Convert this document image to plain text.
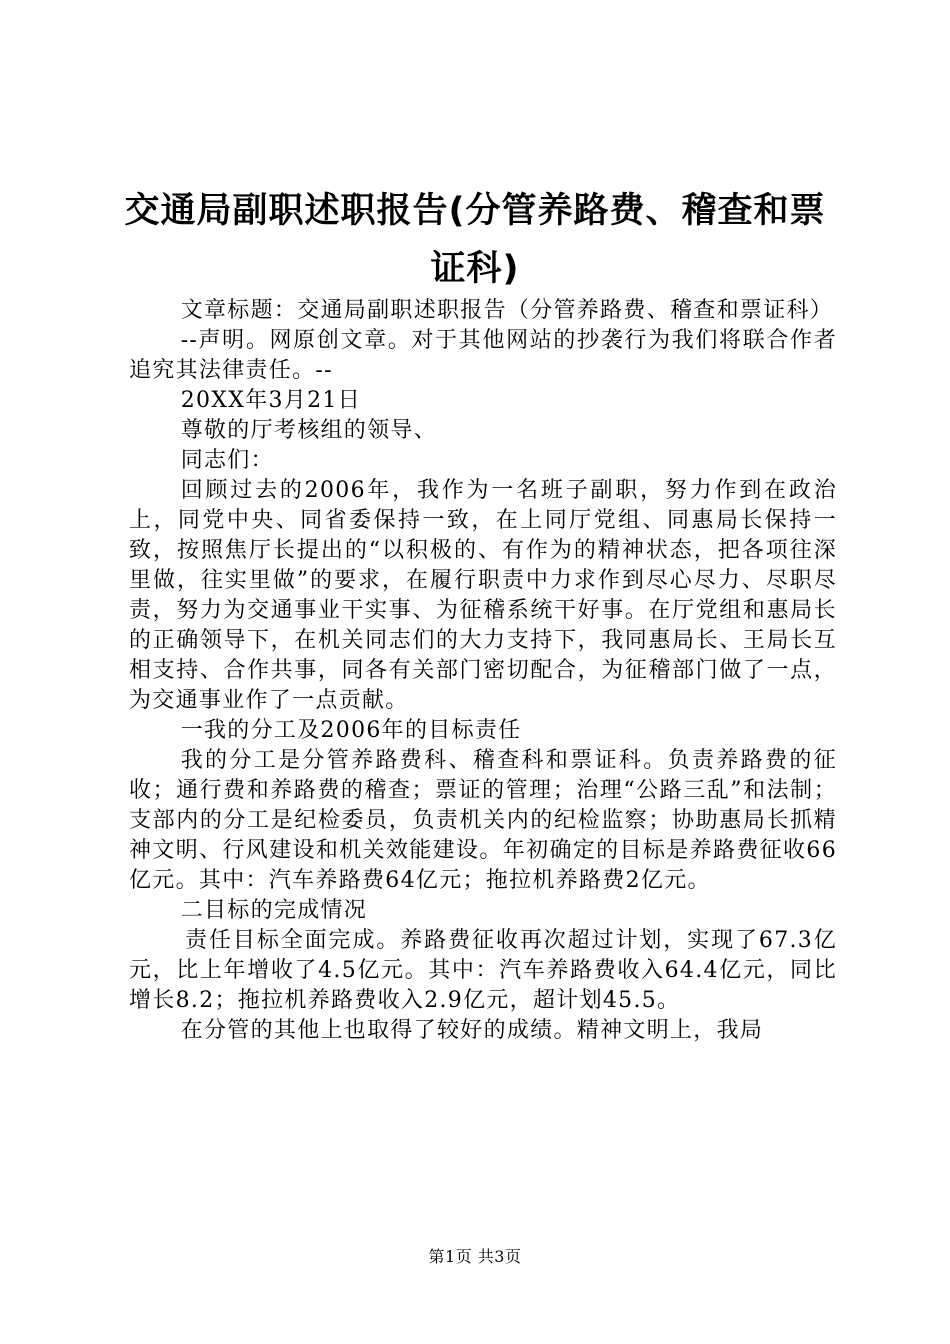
交通局副职述职报告(分管养路费、稽查和票
证科)

文章标题：交通局副职述职报告（分管养路费、稽查和票证科）

--声明。网原创文章。对于其他网站的抄袭行为我们将联合作者追究其法律责任。--

20XX年3月21日

尊敬的厅考核组的领导、

同志们：

回顾过去的2006年，我作为一名班子副职，努力作到在政治上，同党中央、同省委保持一致，在上同厅党组、同惠局长保持一致，按照焦厅长提出的“以积极的、有作为的精神状态，把各项往深里做，往实里做”的要求，在履行职责中力求作到尽心尽力、尽职尽责，努力为交通事业干实事、为征稽系统干好事。在厅党组和惠局长的正确领导下，在机关同志们的大力支持下，我同惠局长、王局长互相支持、合作共事，同各有关部门密切配合，为征稽部门做了一点，为交通事业作了一点贡献。

一我的分工及2006年的目标责任

我的分工是分管养路费科、稽查科和票证科。负责养路费的征收；通行费和养路费的稽查；票证的管理；治理“公路三乱”和法制；支部内的分工是纪检委员，负责机关内的纪检监察；协助惠局长抓精神文明、行风建设和机关效能建设。年初确定的目标是养路费征收66亿元。其中：汽车养路费64亿元；拖拉机养路费2亿元。

二目标的完成情况

责任目标全面完成。养路费征收再次超过计划，实现了67.3亿元，比上年增收了4.5亿元。其中：汽车养路费收入64.4亿元，同比增长8.2；拖拉机养路费收入2.9亿元，超计划45.5。

在分管的其他上也取得了较好的成绩。精神文明上，我局

第1页 共3页
